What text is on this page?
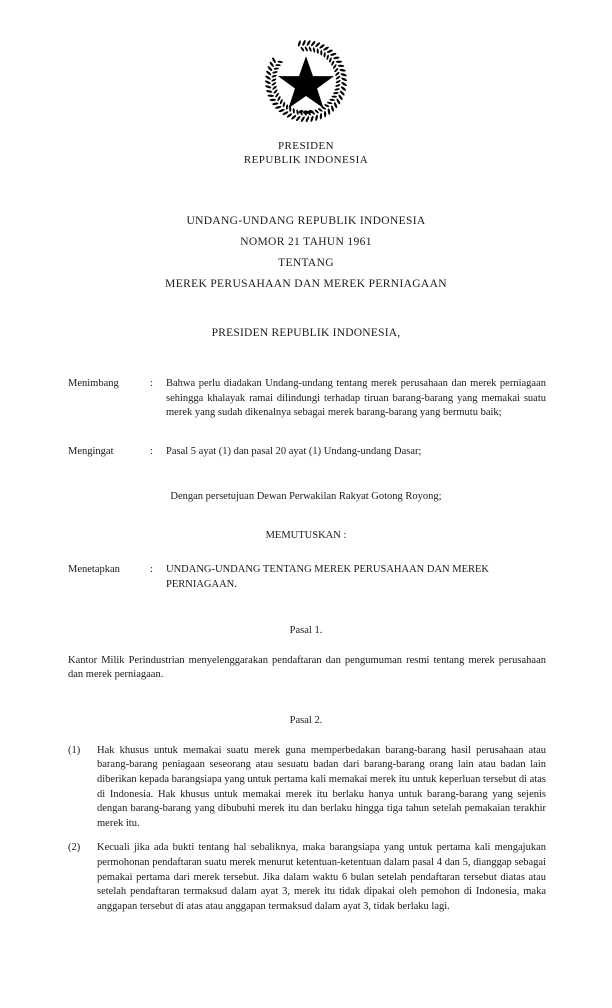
PRESIDEN
REPUBLIK INDONESIA
UNDANG-UNDANG REPUBLIK INDONESIA
NOMOR 21 TAHUN 1961
TENTANG
MEREK PERUSAHAAN DAN MEREK PERNIAGAAN
PRESIDEN REPUBLIK INDONESIA,
Menimbang	:	Bahwa perlu diadakan Undang-undang tentang merek perusahaan dan merek perniagaan sehingga khalayak ramai dilindungi terhadap tiruan barang-barang yang memakai suatu merek yang sudah dikenalnya sebagai merek barang-barang yang bermutu baik;
Mengingat	:	Pasal 5 ayat (1) dan pasal 20 ayat (1) Undang-undang Dasar;
Dengan persetujuan Dewan Perwakilan Rakyat Gotong Royong;
MEMUTUSKAN :
Menetapkan	:	UNDANG-UNDANG TENTANG MEREK PERUSAHAAN DAN MEREK PERNIAGAAN.
Pasal 1.
Kantor Milik Perindustrian menyelenggarakan pendaftaran dan pengumuman resmi tentang merek perusahaan dan merek perniagaan.
Pasal 2.
(1)	Hak khusus untuk memakai suatu merek guna memperbedakan barang-barang hasil perusahaan atau barang-barang peniagaan seseorang atau sesuatu badan dari barang-barang orang lain atau badan lain diberikan kepada barangsiapa yang untuk pertama kali memakai merek itu untuk keperluan tersebut di atas di Indonesia. Hak khusus untuk memakai merek itu berlaku hanya untuk barang-barang yang sejenis dengan barang-barang yang dibubuhi merek itu dan berlaku hingga tiga tahun setelah pemakaian terakhir merek itu.
(2)	Kecuali jika ada bukti tentang hal sebaliknya, maka barangsiapa yang untuk pertama kali mengajukan permohonan pendaftaran suatu merek menurut ketentuan-ketentuan dalam pasal 4 dan 5, dianggap sebagai pemakai pertama dari merek tersebut. Jika dalam waktu 6 bulan setelah pendaftaran tersebut diatas atau setelah pendaftaran termaksud dalam ayat 3, merek itu tidak dipakai oleh pemohon di Indonesia, maka anggapan tersebut di atas atau anggapan termaksud dalam ayat 3, tidak berlaku lagi.
